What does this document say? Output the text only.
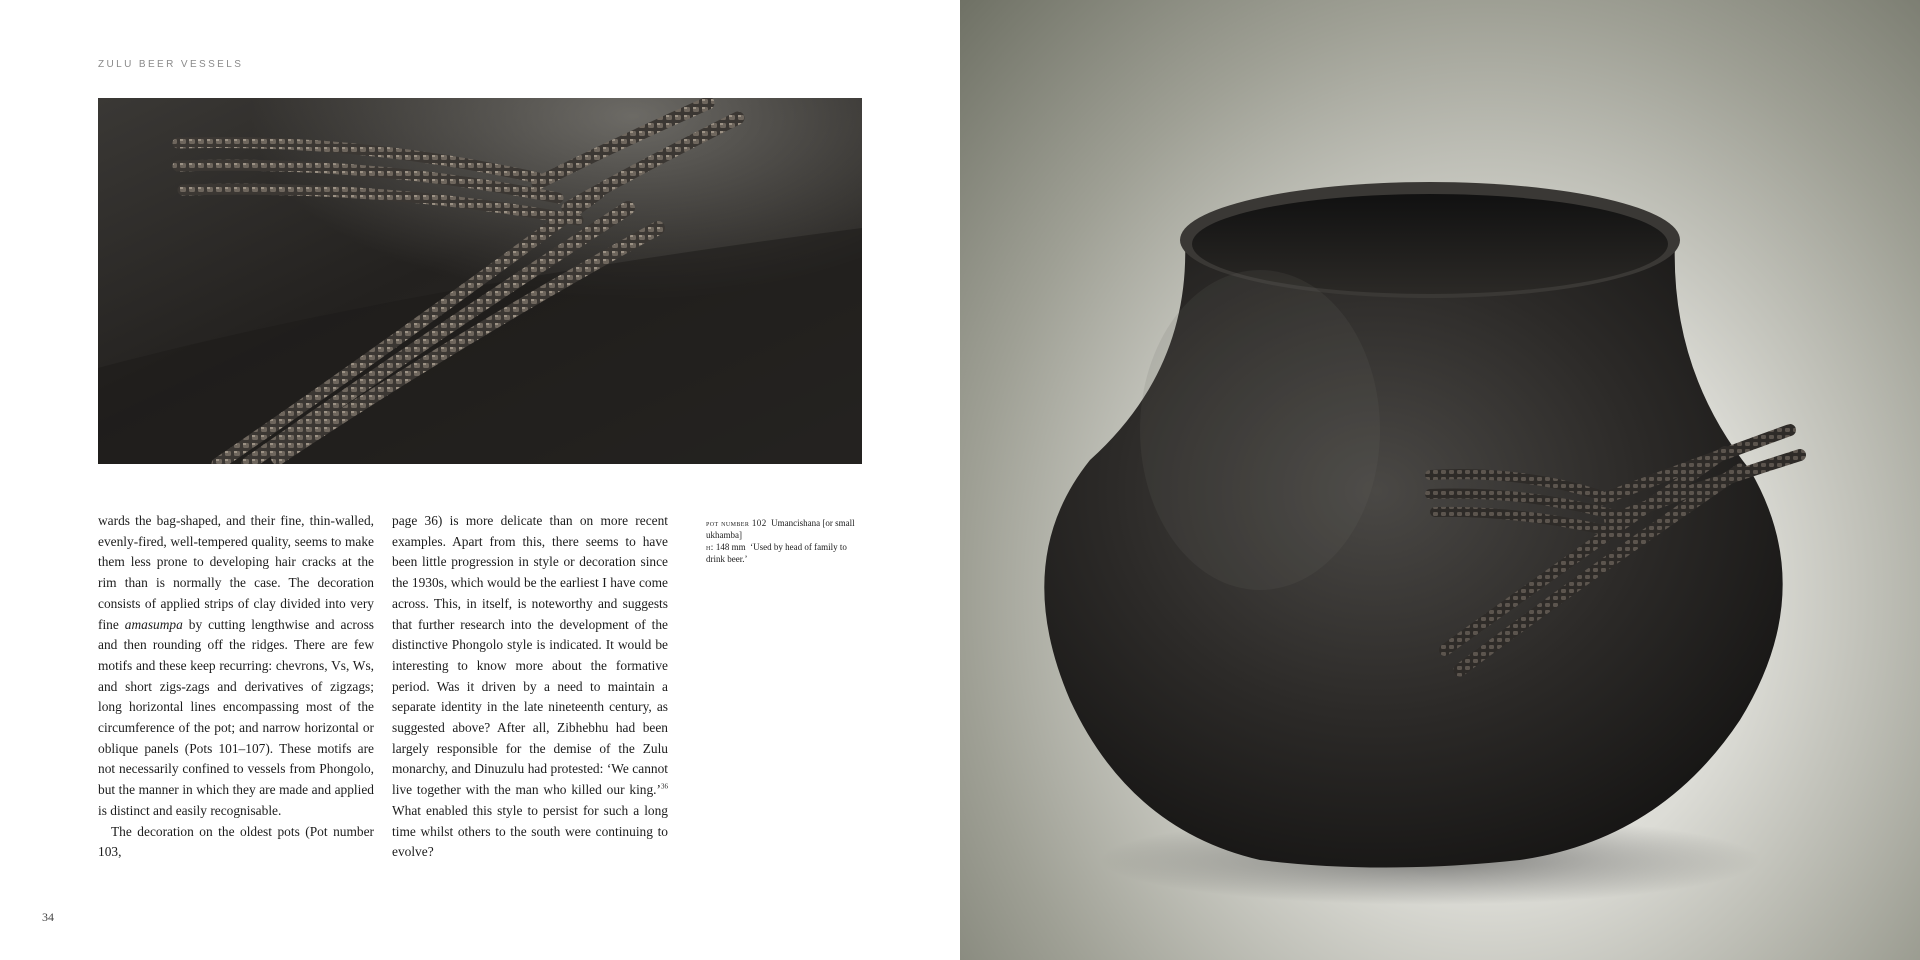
ZULU BEER VESSELS

wards the bag-shaped, and their fine, thin-walled, evenly-fired, well-tempered quality, seems to make them less prone to developing hair cracks at the rim than is normally the case. The decoration consists of applied strips of clay divided into very fine amasumpa by cutting lengthwise and across and then rounding off the ridges. There are few motifs and these keep recurring: chevrons, Vs, Ws, and short zigs-zags and derivatives of zigzags; long horizontal lines encompassing most of the circumference of the pot; and narrow horizontal or oblique panels (Pots 101–107). These motifs are not necessarily confined to vessels from Phongolo, but the manner in which they are made and applied is distinct and easily recognisable.

The decoration on the oldest pots (Pot number 103,

page 36) is more delicate than on more recent examples. Apart from this, there seems to have been little progression in style or decoration since the 1930s, which would be the earliest I have come across. This, in itself, is noteworthy and suggests that further research into the development of the distinctive Phongolo style is indicated. It would be interesting to know more about the formative period. Was it driven by a need to maintain a separate identity in the late nineteenth century, as suggested above? After all, Zibhebhu had been largely responsible for the demise of the Zulu monarchy, and Dinuzulu had protested: ‘We cannot live together with the man who killed our king.’$^{36}$ What enabled this style to persist for such a long time whilst others to the south were continuing to evolve?

pot number 102 Umancishana [or small ukhamba]
h: 148 mm ‘Used by head of family to drink beer.’
34
